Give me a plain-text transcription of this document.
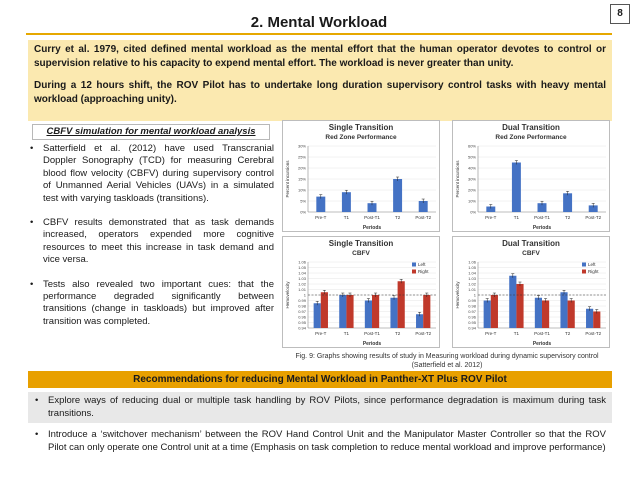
8
2. Mental Workload

Curry et al. 1979, cited defined mental workload as the mental effort that the human operator devotes to control or supervision relative to his capacity to expend mental effort. The workload is never greater than unity.

During a 12 hours shift, the ROV Pilot has to undertake long duration supervisory control tasks with heavy mental workload (approaching unity).

CBFV simulation for mental workload analysis
• Satterfield et al. (2012) have used Transcranial Doppler Sonography (TCD) for measuring Cerebral blood flow velocity (CBFV) during supervisory control of Unmanned Aerial Vehicles (UAVs) in a simulated test with varying taskloads (transitions).
• CBFV results demonstrated that as task demands increased, operators expended more cognitive resources to meet this increase in task demand and vice versa.
• Tests also revealed two important cues: that the performance degraded significantly between transitions (change in taskloads) but improved after transition was completed.
Single Transition
Red Zone Performance
0%
5%
10%
15%
20%
25%
30%
Percent incursions
Pre-T	T1	Post-T1	T2	Post-T2
Periods
Dual Transition
Red Zone Performance
0%
10%
20%
30%
40%
50%
60%
Percent incursions
Pre-T	T1	Post-T1	T2	Post-T2
Periods
Single Transition
CBFV
0.94
0.95
0.96
0.97
0.98
0.99
1
1.01
1.02
1.03
1.04
1.05
1.06
Hemovelocity
Left
Right
Pre-T	T1	Post-T1	T2	Post-T2
Periods
Dual Transition
CBFV
0.94
0.95
0.96
0.97
0.98
0.99
1
1.01
1.02
1.03
1.04
1.05
1.06
Hemovelocity
Left
Right
Pre-T	T1	Post-T1	T2	Post-T2
Periods
Fig. 9: Graphs showing results of study in Measuring workload during dynamic supervisory control
(Satterfield et al. 2012)
Recommendations for reducing Mental Workload in Panther-XT Plus ROV Pilot
• Explore ways of reducing dual or multiple task handling by ROV Pilots, since performance degradation is maximum during task transitions.
• Introduce a ‘switchover mechanism’ between the ROV Hand Control Unit and the Manipulator Master Controller so that the ROV Pilot can only operate one Control unit at a time (Emphasis on task completion to reduce mental workload and improve performance)
